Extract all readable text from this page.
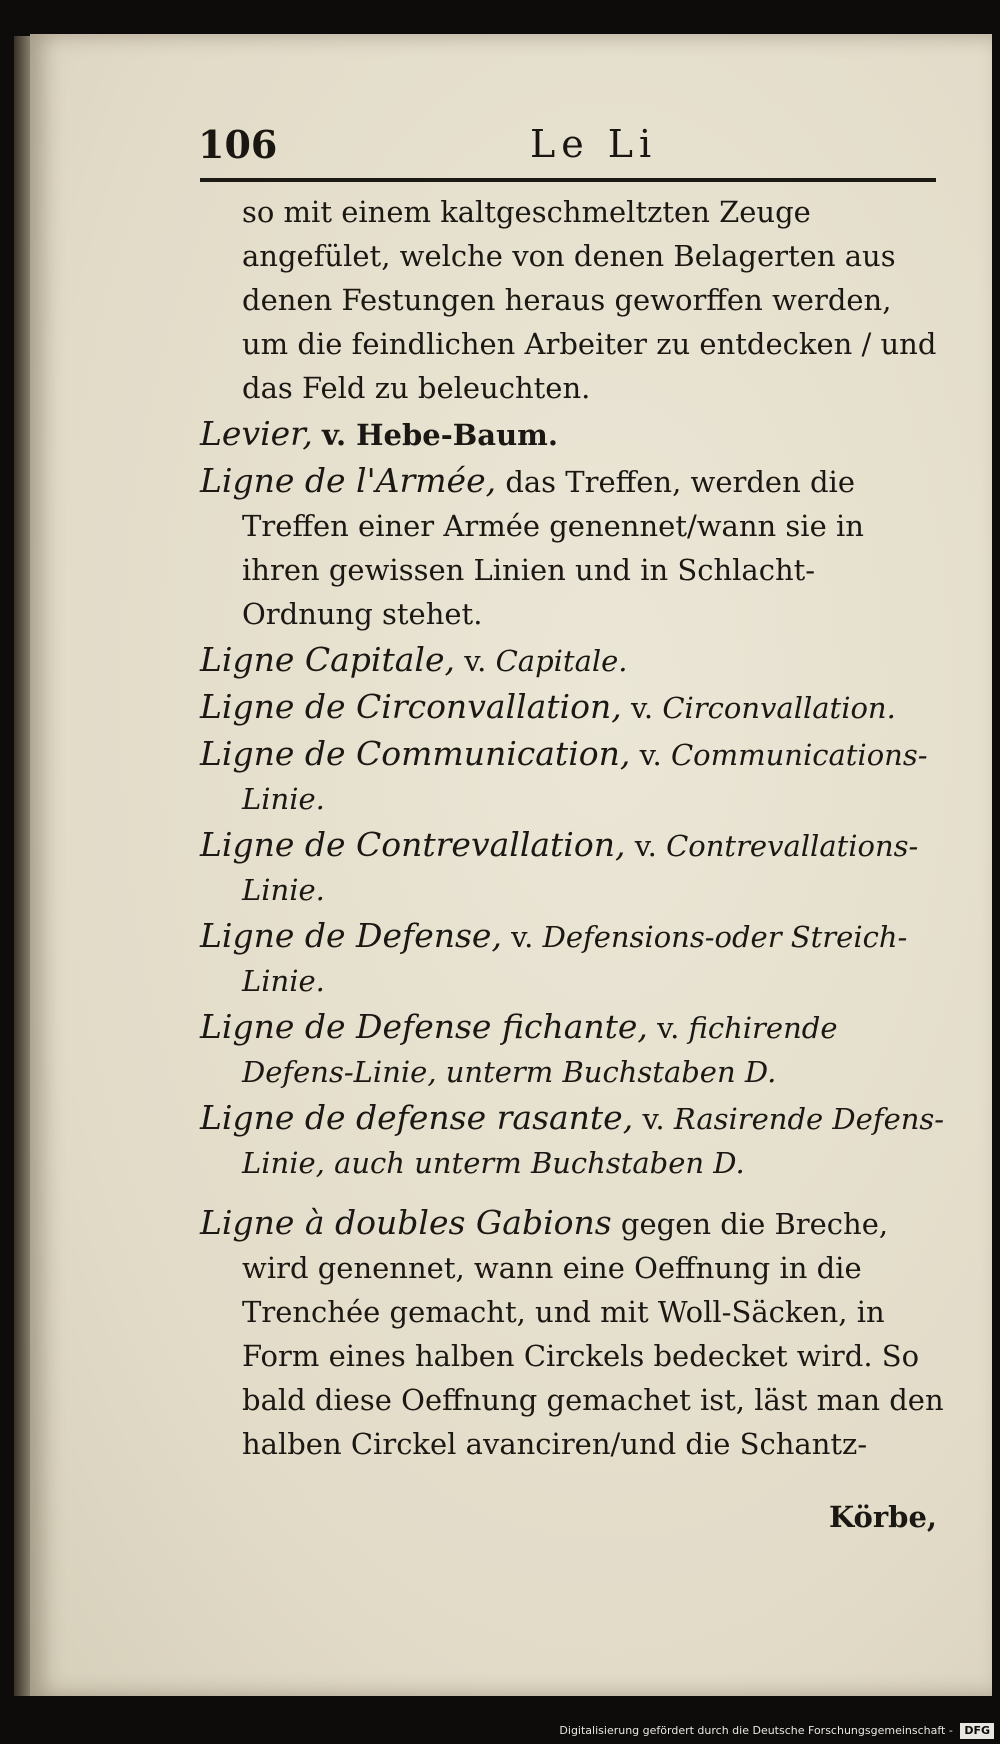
106	Le Li

so mit einem kaltgeschmeltzten Zeuge angefület, welche von denen Belagerten aus denen Festungen heraus geworffen werden, um die feindlichen Arbeiter zu entdecken / und das Feld zu beleuchten.

Levier, v. Hebe-Baum.

Ligne de l'Armée, das Treffen, werden die Treffen einer Armée genennet/wann sie in ihren gewissen Linien und in Schlacht-Ordnung stehet.

Ligne Capitale, v. Capitale.

Ligne de Circonvallation, v. Circonvallation.

Ligne de Communication, v. Communications-Linie.

Ligne de Contrevallation, v. Contrevallations-Linie.

Ligne de Defense, v. Defensions-oder Streich-Linie.

Ligne de Defense fichante, v. fichirende Defens-Linie, unterm Buchstaben D.

Ligne de defense rasante, v. Rasirende Defens-Linie, auch unterm Buchstaben D.

Ligne à doubles Gabions gegen die Breche, wird genennet, wann eine Oeffnung in die Trenchée gemacht, und mit Woll-Säcken, in Form eines halben Circkels bedecket wird. So bald diese Oeffnung gemachet ist, läst man den halben Circkel avanciren/und die Schantz-

Körbe,

Digitalisierung gefördert durch die Deutsche Forschungsgemeinschaft - DFG
